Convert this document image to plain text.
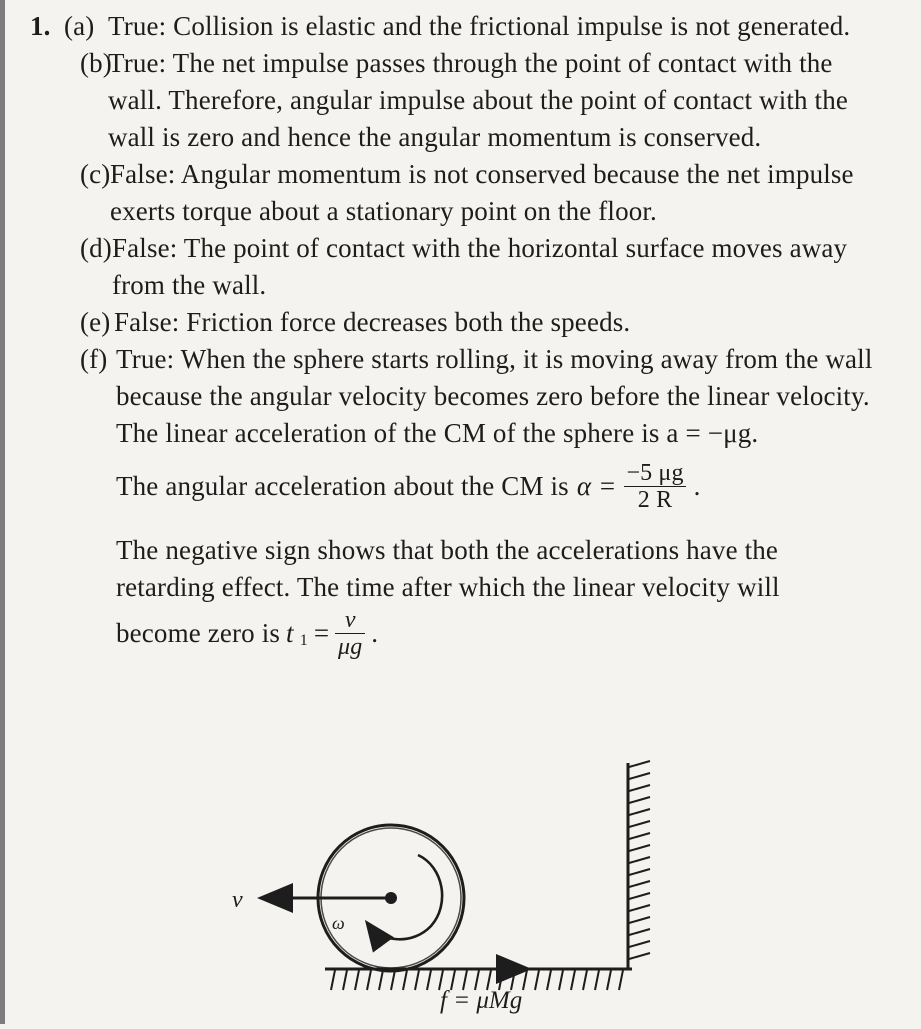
1. (a) True: Collision is elastic and the frictional impulse is not generated.
(b)
True: The net impulse passes through the point of contact with the wall. Therefore, angular impulse about the point of contact with the wall is zero and hence the angular momentum is conserved.
(c) False: Angular momentum is not conserved because the net impulse exerts torque about a stationary point on the floor.
(d) False: The point of contact with the horizontal surface moves away from the wall.
(e) False: Friction force decreases both the speeds.
(f) True: When the sphere starts rolling, it is moving away from the wall because the angular velocity becomes zero before the linear velocity. The linear acceleration of the CM of the sphere is a = −μg.
The angular acceleration about the CM is $\alpha = \frac{-5 \mu g}{2 R}$ .
The negative sign shows that both the accelerations have the retarding effect. The time after which the linear velocity will
become zero is t $1 = \frac{v}{\mu g}$ .
v
ω
f = μMg
